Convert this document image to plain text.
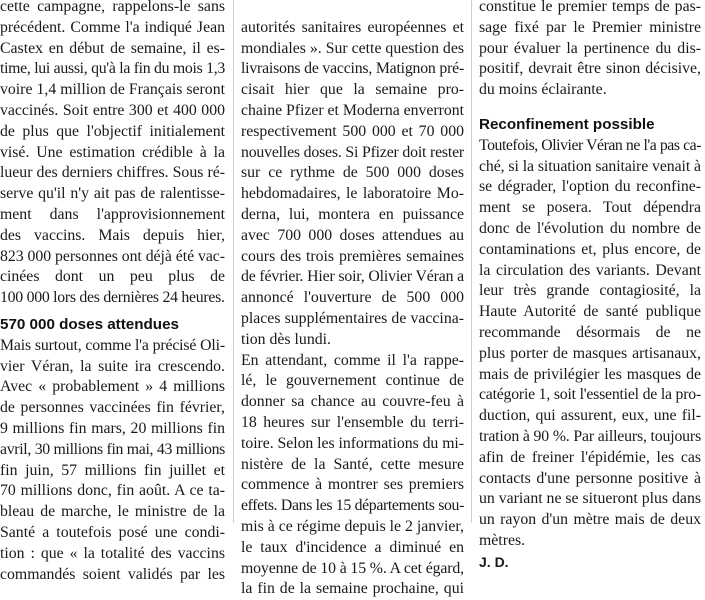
cette campagne, rappelons-le sans
précédent. Comme l'a indiqué Jean
Castex en début de semaine, il es-
time, lui aussi, qu'à la fin du mois 1,3
voire 1,4 million de Français seront
vaccinés. Soit entre 300 et 400 000
de plus que l'objectif initialement
visé. Une estimation crédible à la
lueur des derniers chiffres. Sous ré-
serve qu'il n'y ait pas de ralentisse-
ment dans l'approvisionnement
des vaccins. Mais depuis hier,
823 000 personnes ont déjà été vac-
cinées dont un peu plus de
100 000 lors des dernières 24 heures.
570 000 doses attendues
Mais surtout, comme l'a précisé Oli-
vier Véran, la suite ira crescendo.
Avec « probablement » 4 millions
de personnes vaccinées fin février,
9 millions fin mars, 20 millions fin
avril, 30 millions fin mai, 43 millions
fin juin, 57 millions fin juillet et
70 millions donc, fin août. A ce ta-
bleau de marche, le ministre de la
Santé a toutefois posé une condi-
tion : que « la totalité des vaccins
commandés soient validés par les
autorités sanitaires européennes et
mondiales ». Sur cette question des
livraisons de vaccins, Matignon pré-
cisait hier que la semaine pro-
chaine Pfizer et Moderna enverront
respectivement 500 000 et 70 000
nouvelles doses. Si Pfizer doit rester
sur ce rythme de 500 000 doses
hebdomadaires, le laboratoire Mo-
derna, lui, montera en puissance
avec 700 000 doses attendues au
cours des trois premières semaines
de février. Hier soir, Olivier Véran a
annoncé l'ouverture de 500 000
places supplémentaires de vaccina-
tion dès lundi.
En attendant, comme il l'a rappe-
lé, le gouvernement continue de
donner sa chance au couvre-feu à
18 heures sur l'ensemble du terri-
toire. Selon les informations du mi-
nistère de la Santé, cette mesure
commence à montrer ses premiers
effets. Dans les 15 départements sou-
mis à ce régime depuis le 2 janvier,
le taux d'incidence a diminué en
moyenne de 10 à 15 %. A cet égard,
la fin de la semaine prochaine, qui
constitue le premier temps de pas-
sage fixé par le Premier ministre
pour évaluer la pertinence du dis-
positif, devrait être sinon décisive,
du moins éclairante.
Reconfinement possible
Toutefois, Olivier Véran ne l'a pas ca-
ché, si la situation sanitaire venait à
se dégrader, l'option du reconfine-
ment se posera. Tout dépendra
donc de l'évolution du nombre de
contaminations et, plus encore, de
la circulation des variants. Devant
leur très grande contagiosité, la
Haute Autorité de santé publique
recommande désormais de ne
plus porter de masques artisanaux,
mais de privilégier les masques de
catégorie 1, soit l'essentiel de la pro-
duction, qui assurent, eux, une fil-
tration à 90 %. Par ailleurs, toujours
afin de freiner l'épidémie, les cas
contacts d'une personne positive à
un variant ne se situeront plus dans
un rayon d'un mètre mais de deux
mètres.
J. D.
